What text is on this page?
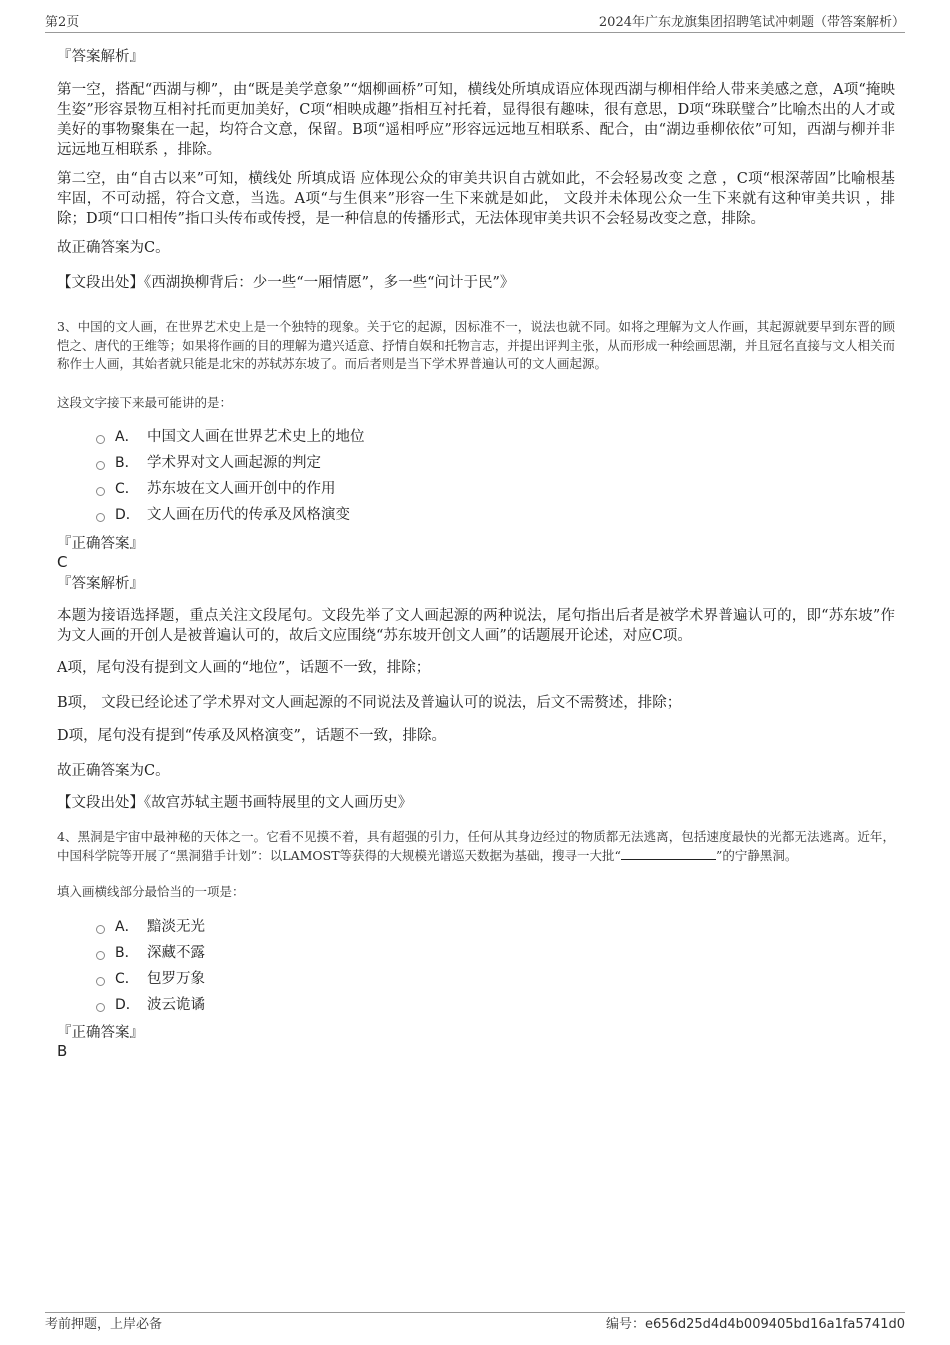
第2页	2024年广东龙旗集团招聘笔试冲刺题（带答案解析）
『答案解析』
第一空，搭配“西湖与柳”，由“既是美学意象”“烟柳画桥”可知，横线处所填成语应体现西湖与柳相伴给人带来美感之意，A项“掩映生姿”形容景物互相衬托而更加美好，C项“相映成趣”指相互衬托着，显得很有趣味，很有意思，D项“珠联璧合”比喻杰出的人才或美好的事物聚集在一起，均符合文意，保留。B项“遥相呼应”形容远远地互相联系、配合，由“湖边垂柳依依”可知，西湖与柳并非 远远地互相联系 ，排除。
第二空，由“自古以来”可知，横线处 所填成语 应体现公众的审美共识自古就如此，不会轻易改变 之意 ，C项“根深蒂固”比喻根基牢固，不可动摇，符合文意，当选。A项“与生俱来”形容一生下来就是如此， 文段并未体现公众一生下来就有这种审美共识 ，排除；D项“口口相传”指口头传布或传授，是一种信息的传播形式，无法体现审美共识不会轻易改变之意，排除。
故正确答案为C。
【文段出处】《西湖换柳背后：少一些“一厢情愿”，多一些“问计于民”》
3、中国的文人画，在世界艺术史上是一个独特的现象。关于它的起源，因标准不一，说法也就不同。如将之理解为文人作画，其起源就要早到东晋的顾恺之、唐代的王维等；如果将作画的目的理解为遣兴适意、抒情自娱和托物言志，并提出评判主张，从而形成一种绘画思潮，并且冠名直接与文人相关而称作士人画，其始者就只能是北宋的苏轼苏东坡了。而后者则是当下学术界普遍认可的文人画起源。
这段文字接下来最可能讲的是：
A． 中国文人画在世界艺术史上的地位
B． 学术界对文人画起源的判定
C． 苏东坡在文人画开创中的作用
D． 文人画在历代的传承及风格演变
『正确答案』
C
『答案解析』
本题为接语选择题，重点关注文段尾句。文段先举了文人画起源的两种说法，尾句指出后者是被学术界普遍认可的，即“苏东坡”作为文人画的开创人是被普遍认可的，故后文应围绕“苏东坡开创文人画”的话题展开论述，对应C项。
A项，尾句没有提到文人画的“地位”，话题不一致，排除；
B项， 文段已经论述了学术界对文人画起源的不同说法及普遍认可的说法，后文不需赘述，排除；
D项，尾句没有提到“传承及风格演变”，话题不一致，排除。
故正确答案为C。
【文段出处】《故宫苏轼主题书画特展里的文人画历史》
4、黑洞是宇宙中最神秘的天体之一。它看不见摸不着，具有超强的引力，任何从其身边经过的物质都无法逃离，包括速度最快的光都无法逃离。近年，中国科学院等开展了“黑洞猎手计划”：以LAMOST等获得的大规模光谱巡天数据为基础，搜寻一大批“	”的宁静黑洞。
填入画横线部分最恰当的一项是：
A． 黯淡无光
B． 深藏不露
C． 包罗万象
D． 波云诡谲
『正确答案』
B
考前押题，上岸必备	编号：e656d25d4d4b009405bd16a1fa5741d0
